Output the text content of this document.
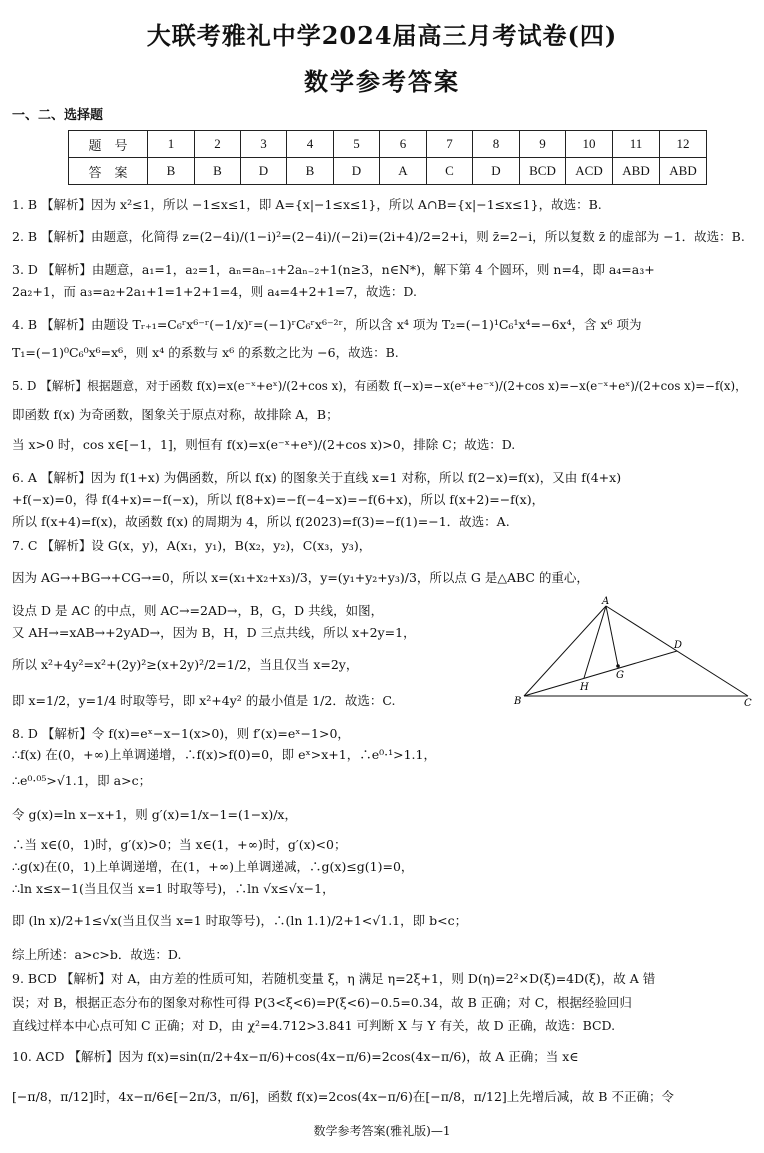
大联考雅礼中学2024届高三月考试卷(四)
数学参考答案
一、二、选择题
题　号	1	2	3	4	5	6	7	8	9	10	11	12
答　案	B	B	D	B	D	A	C	D	BCD	ACD	ABD	ABD
1. B 【解析】因为 x²≤1，所以 −1≤x≤1，即 A={x|−1≤x≤1}，所以 A∩B={x|−1≤x≤1}，故选：B.
2. B 【解析】由题意，化简得 z=(2−4i)/(1−i)²=(2−4i)/(−2i)=(2i+4)/2=2+i，则 z̄=2−i，所以复数 z̄ 的虚部为 −1．故选：B.
3. D 【解析】由题意，a₁=1，a₂=1，aₙ=aₙ₋₁+2aₙ₋₂+1(n≥3，n∈N*)，解下第 4 个圆环，则 n=4，即 a₄=a₃+
2a₂+1，而 a₃=a₂+2a₁+1=1+2+1=4，则 a₄=4+2+1=7，故选：D.
4. B 【解析】由题设 Tᵣ₊₁=C₆ʳx⁶⁻ʳ(−1/x)ʳ=(−1)ʳC₆ʳx⁶⁻²ʳ，所以含 x⁴ 项为 T₂=(−1)¹C₆¹x⁴=−6x⁴，含 x⁶ 项为
T₁=(−1)⁰C₆⁰x⁶=x⁶，则 x⁴ 的系数与 x⁶ 的系数之比为 −6，故选：B.
5. D 【解析】根据题意，对于函数 f(x)=x(e⁻ˣ+eˣ)/(2+cos x)，有函数 f(−x)=−x(eˣ+e⁻ˣ)/(2+cos x)=−x(e⁻ˣ+eˣ)/(2+cos x)=−f(x)，
即函数 f(x) 为奇函数，图象关于原点对称，故排除 A，B；
当 x>0 时，cos x∈[−1，1]，则恒有 f(x)=x(e⁻ˣ+eˣ)/(2+cos x)>0，排除 C；故选：D.
6. A 【解析】因为 f(1+x) 为偶函数，所以 f(x) 的图象关于直线 x=1 对称，所以 f(2−x)=f(x)，又由 f(4+x)
+f(−x)=0，得 f(4+x)=−f(−x)，所以 f(8+x)=−f(−4−x)=−f(6+x)，所以 f(x+2)=−f(x)，
所以 f(x+4)=f(x)，故函数 f(x) 的周期为 4，所以 f(2023)=f(3)=−f(1)=−1．故选：A.
7. C 【解析】设 G(x，y)，A(x₁，y₁)，B(x₂，y₂)，C(x₃，y₃)，
因为 AG→+BG→+CG→=0，所以 x=(x₁+x₂+x₃)/3，y=(y₁+y₂+y₃)/3，所以点 G 是△ABC 的重心，
设点 D 是 AC 的中点，则 AC→=2AD→，B，G，D 共线，如图，
又 AH→=xAB→+2yAD→，因为 B，H，D 三点共线，所以 x+2y=1，
所以 x²+4y²=x²+(2y)²≥(x+2y)²/2=1/2，当且仅当 x=2y，
即 x=1/2，y=1/4 时取等号，即 x²+4y² 的最小值是 1/2．故选：C.
8. D 【解析】令 f(x)=eˣ−x−1(x>0)，则 f′(x)=eˣ−1>0，
∴f(x) 在(0，+∞)上单调递增，∴f(x)>f(0)=0，即 eˣ>x+1，∴e⁰·¹>1.1，
∴e⁰·⁰⁵>√1.1，即 a>c；
令 g(x)=ln x−x+1，则 g′(x)=1/x−1=(1−x)/x，
∴当 x∈(0，1)时，g′(x)>0；当 x∈(1，+∞)时，g′(x)<0；
∴g(x)在(0，1)上单调递增，在(1，+∞)上单调递减，∴g(x)≤g(1)=0，
∴ln x≤x−1(当且仅当 x=1 时取等号)，∴ln √x≤√x−1，
即 (ln x)/2+1≤√x(当且仅当 x=1 时取等号)，∴(ln 1.1)/2+1<√1.1，即 b<c；
综上所述：a>c>b．故选：D.
9. BCD 【解析】对 A，由方差的性质可知，若随机变量 ξ，η 满足 η=2ξ+1，则 D(η)=2²×D(ξ)=4D(ξ)，故 A 错
误；对 B，根据正态分布的图象对称性可得 P(3<ξ<6)=P(ξ<6)−0.5=0.34，故 B 正确；对 C，根据经验回归
直线过样本中心点可知 C 正确；对 D，由 χ²=4.712>3.841 可判断 X 与 Y 有关，故 D 正确，故选：BCD.
10. ACD 【解析】因为 f(x)=sin(π/2+4x−π/6)+cos(4x−π/6)=2cos(4x−π/6)，故 A 正确；当 x∈
[−π/8，π/12]时，4x−π/6∈[−2π/3，π/6]，函数 f(x)=2cos(4x−π/6)在[−π/8，π/12]上先增后减，故 B 不正确；令
A
B	C
D
H
G
数学参考答案(雅礼版)—1
